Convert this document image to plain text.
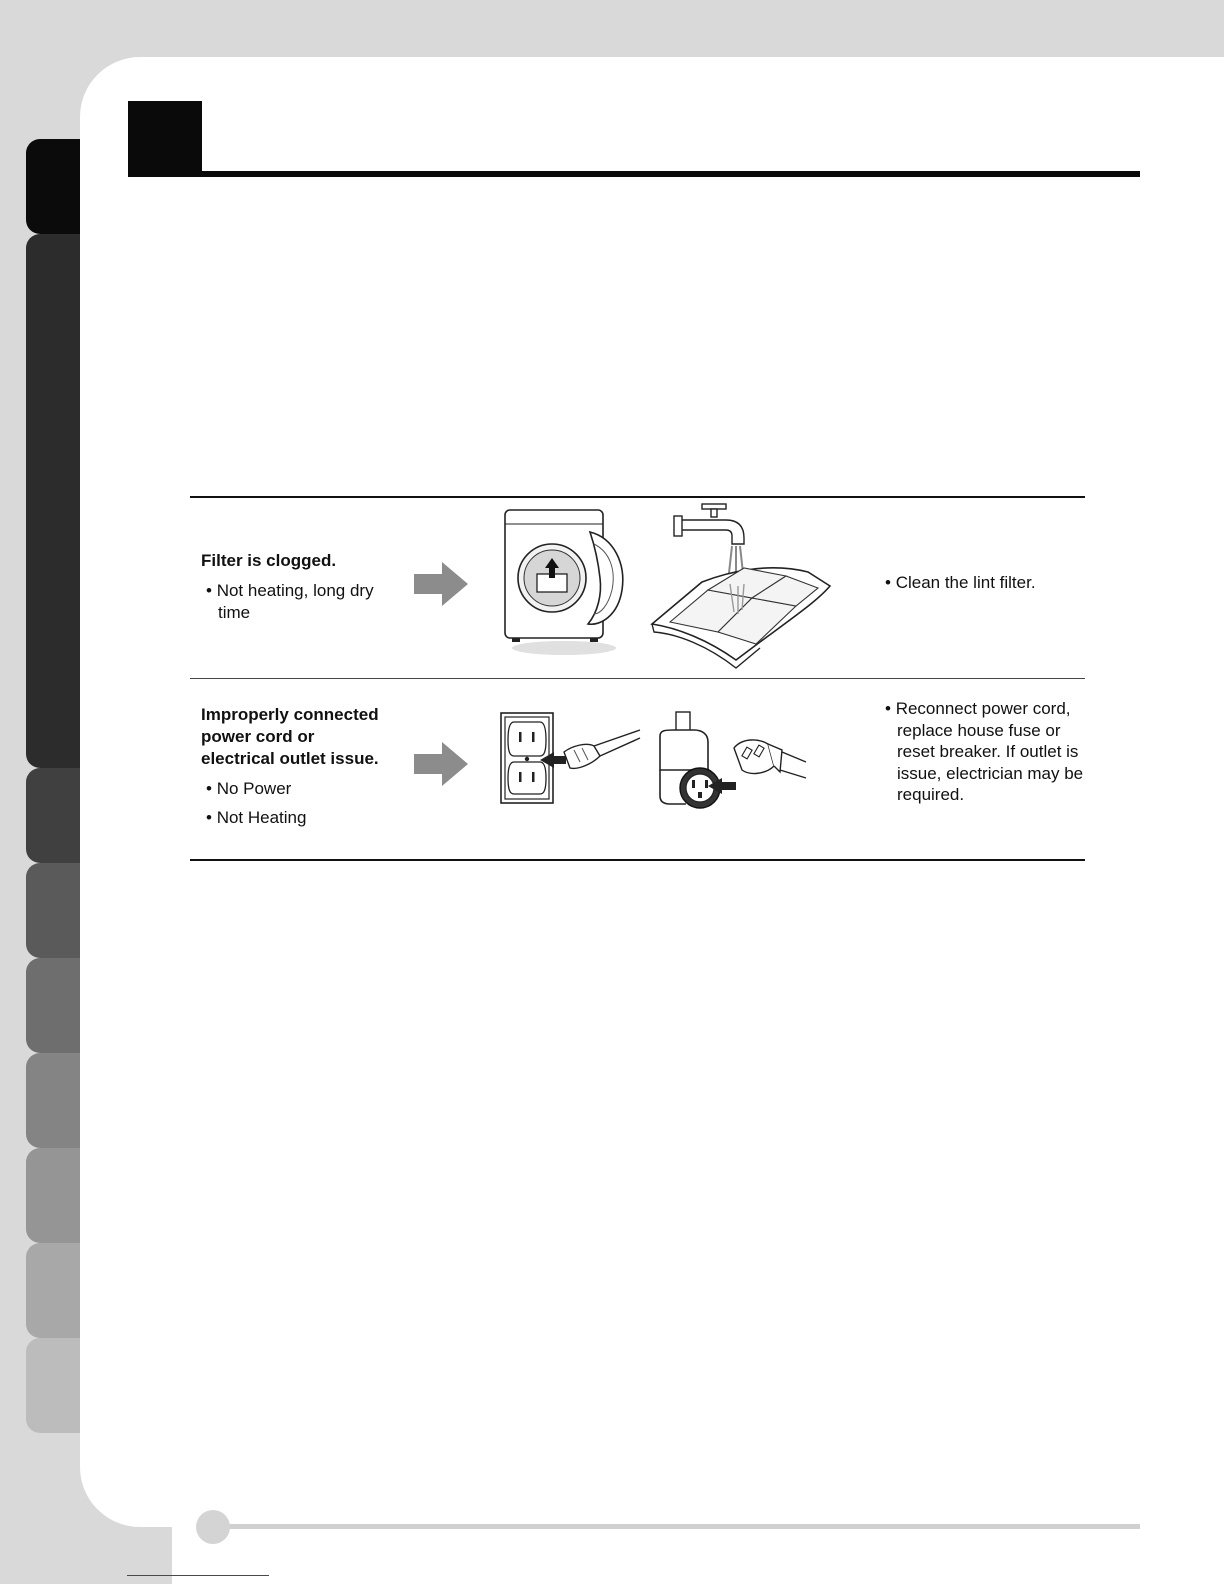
Filter is clogged.
• Not heating, long dry time
• Clean the lint filter.
Improperly connected
power cord or
electrical outlet issue.
• No Power
• Not Heating
• Reconnect power cord, replace house fuse or reset breaker. If outlet is issue, electrician may be required.
